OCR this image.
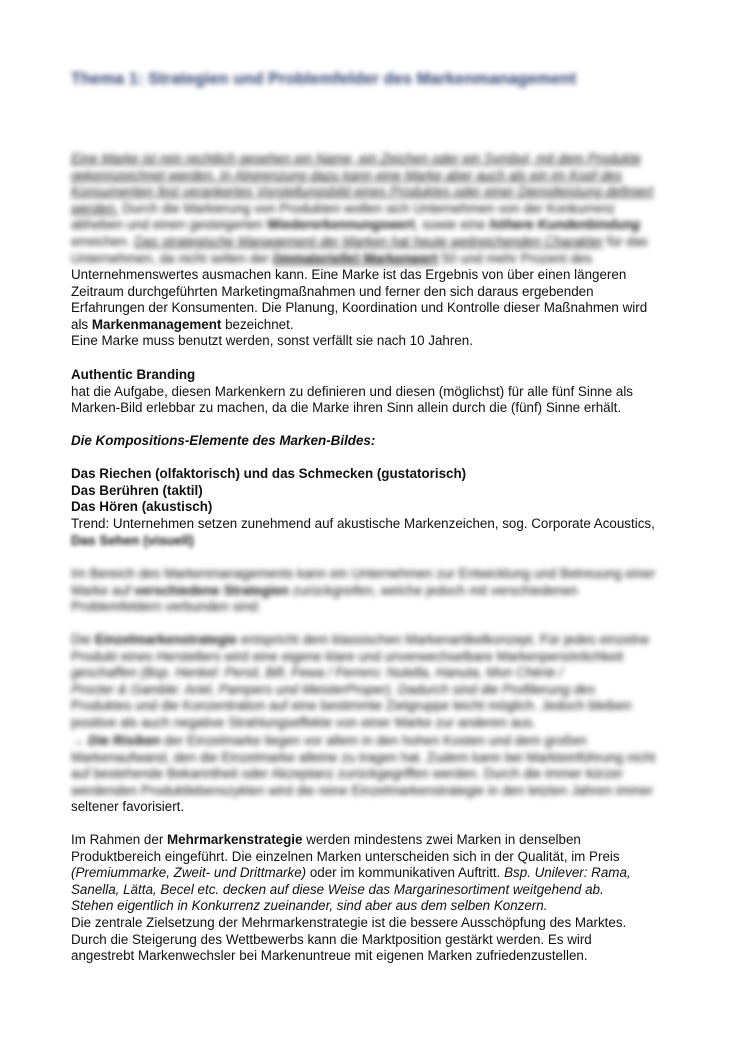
Thema 1: Strategien und Problemfelder des Markenmanagement

Eine Marke ist rein rechtlich gesehen ein Name, ein Zeichen oder ein Symbol, mit dem Produkte

gekennzeichnet werden. In Abgrenzung dazu kann eine Marke aber auch als ein im Kopf des

Konsumenten fest verankertes Vorstellungsbild eines Produktes oder einer Dienstleistung definiert

werden. Durch die Markierung von Produkten wollen sich Unternehmen von der Konkurrenz

abheben und einen gesteigerten Wiedererkennungswert, sowie eine höhere Kundenbindung

erreichen. Das strategische Management der Marken hat heute weitreichenden Charakter für das

Unternehmen, da nicht selten der (immaterielle) Markenwert 50 und mehr Prozent des

Unternehmenswertes ausmachen kann. Eine Marke ist das Ergebnis von über einen längeren

Zeitraum durchgeführten Marketingmaßnahmen und ferner den sich daraus ergebenden

Erfahrungen der Konsumenten. Die Planung, Koordination und Kontrolle dieser Maßnahmen wird

als Markenmanagement bezeichnet.

Eine Marke muss benutzt werden, sonst verfällt sie nach 10 Jahren.

Authentic Branding

hat die Aufgabe, diesen Markenkern zu definieren und diesen (möglichst) für alle fünf Sinne als

Marken-Bild erlebbar zu machen, da die Marke ihren Sinn allein durch die (fünf) Sinne erhält.

Die Kompositions-Elemente des Marken-Bildes:

Das Riechen (olfaktorisch) und das Schmecken (gustatorisch)

Das Berühren (taktil)

Das Hören (akustisch)

Trend: Unternehmen setzen zunehmend auf akustische Markenzeichen, sog. Corporate Acoustics,

Das Sehen (visuell)

Im Bereich des Markenmanagements kann ein Unternehmen zur Entwicklung und Betreuung einer

Marke auf verschiedene Strategien zurückgreifen, welche jedoch mit verschiedenen

Problemfeldern verbunden sind:

Die Einzelmarkenstrategie entspricht dem klassischen Markenartikelkonzept. Für jedes einzelne

Produkt eines Herstellers wird eine eigene klare und unverwechselbare Markenpersönlichkeit

geschaffen (Bsp. Henkel: Persil, Bifi, Fewa / Ferrero: Nutella, Hanuta, Mon Chérie /

Procter & Gamble: Ariel, Pampers und MeisterProper). Dadurch sind die Profilierung des

Produktes und die Konzentration auf eine bestimmte Zielgruppe leicht möglich. Jedoch bleiben

positive als auch negative Strahlungseffekte von einer Marke zur anderen aus.

→ Die Risiken der Einzelmarke liegen vor allem in den hohen Kosten und dem großen

Markenaufwand, den die Einzelmarke alleine zu tragen hat. Zudem kann bei Markteinführung nicht

auf bestehende Bekanntheit oder Akzeptanz zurückgegriffen werden. Durch die immer kürzer

werdenden Produktlebenszyklen wird die reine Einzelmarkenstrategie in den letzten Jahren immer

seltener favorisiert.

Im Rahmen der Mehrmarkenstrategie werden mindestens zwei Marken in denselben

Produktbereich eingeführt. Die einzelnen Marken unterscheiden sich in der Qualität, im Preis

(Premiummarke, Zweit- und Drittmarke) oder im kommunikativen Auftritt. Bsp. Unilever: Rama,

Sanella, Lätta, Becel etc. decken auf diese Weise das Margarinesortiment weitgehend ab.

Stehen eigentlich in Konkurrenz zueinander, sind aber aus dem selben Konzern.

Die zentrale Zielsetzung der Mehrmarkenstrategie ist die bessere Ausschöpfung des Marktes.

Durch die Steigerung des Wettbewerbs kann die Marktposition gestärkt werden. Es wird

angestrebt Markenwechsler bei Markenuntreue mit eigenen Marken zufriedenzustellen.
